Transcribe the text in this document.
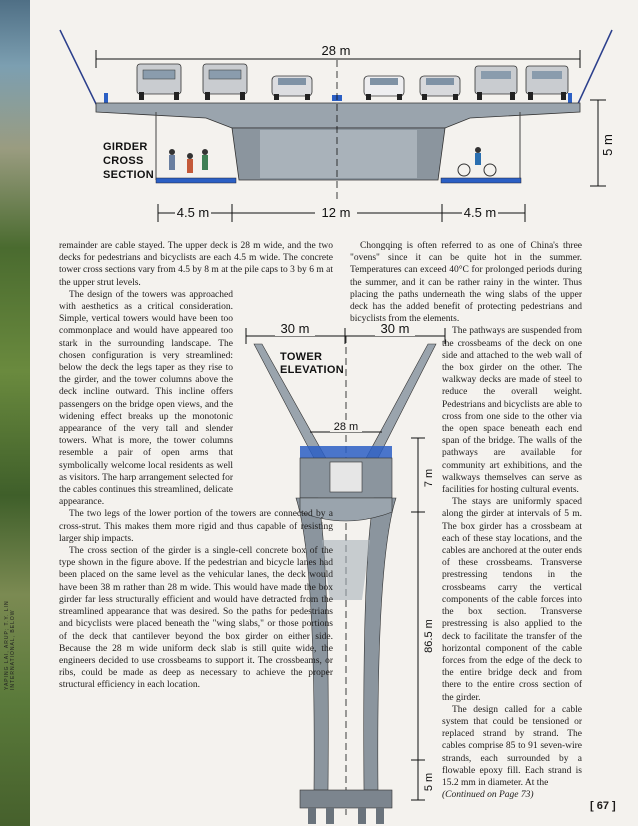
YAPING LAI, ARUP; T.Y. LIN INTERNATIONAL, BELOW
28 m
4.5 m	12 m	4.5 m
5 m
GIRDER
CROSS
SECTION
30 m	30 m
28 m
7 m
86.5 m
5 m
TOWER
ELEVATION

remainder are cable stayed. The upper deck is 28 m wide, and the two decks for pedestrians and bicyclists are each 4.5 m wide. The concrete tower cross sections vary from 4.5 by 8 m at the pile caps to 3 by 6 m at the upper strut levels.

The design of the towers was approached with aesthetics as a critical consideration. Simple, vertical towers would have been too commonplace and would have appeared too stark in the surrounding landscape. The chosen configuration is very streamlined: below the deck the legs taper as they rise to the girder, and the tower columns above the deck incline outward. This incline offers passengers on the bridge open views, and the widening effect breaks up the monotonic appearance of the very tall and slender towers. What is more, the tower columns resemble a pair of open arms that symbolically welcome local residents as well as visitors. The harp arrangement selected for the cables continues this streamlined, delicate appearance.

The two legs of the lower portion of the towers are connected by a cross-strut. This makes them more rigid and thus capable of resisting larger ship impacts.

The cross section of the girder is a single-cell concrete box of the type shown in the figure above. If the pedestrian and bicycle lanes had been placed on the same level as the vehicular lanes, the deck would have been 38 m rather than 28 m wide. This would have made the box girder far less structurally efficient and would have detracted from the streamlined appearance that was desired. So the paths for pedestrians and bicyclists were placed beneath the "wing slabs," or those portions of the deck that cantilever beyond the box girder on either side. Because the 28 m wide uniform deck slab is still quite wide, the engineers decided to use crossbeams to support it. The crossbeams, or ribs, could be made as deep as necessary to achieve the proper structural efficiency in each location.

Chongqing is often referred to as one of China's three "ovens" since it can be quite hot in the summer. Temperatures can exceed 40°C for prolonged periods during the summer, and it can be rather rainy in the winter. Thus placing the paths underneath the wing slabs of the upper deck has the added benefit of protecting pedestrians and bicyclists from the elements.

The pathways are suspended from the crossbeams of the deck on one side and attached to the web wall of the box girder on the other. The walkway decks are made of steel to reduce the overall weight. Pedestrians and bicyclists are able to cross from one side to the other via the open space beneath each end span of the bridge. The walls of the pathways are available for community art exhibitions, and the walkways themselves can serve as facilities for hosting cultural events.

The stays are uniformly spaced along the girder at intervals of 5 m. The box girder has a crossbeam at each of these stay locations, and the cables are anchored at the outer ends of these crossbeams. Transverse prestressing tendons in the crossbeams carry the vertical components of the cable forces into the box section. Transverse prestressing is also applied to the deck to facilitate the transfer of the horizontal component of the cable forces from the edge of the deck to the entire bridge deck and from there to the entire cross section of the girder.

The design called for a cable system that could be tensioned or replaced strand by strand. The cables comprise 85 to 91 seven-wire strands, each surrounded by a flowable epoxy fill. Each strand is 15.2 mm in diameter. At the

(Continued on Page 73)

[ 67 ]
